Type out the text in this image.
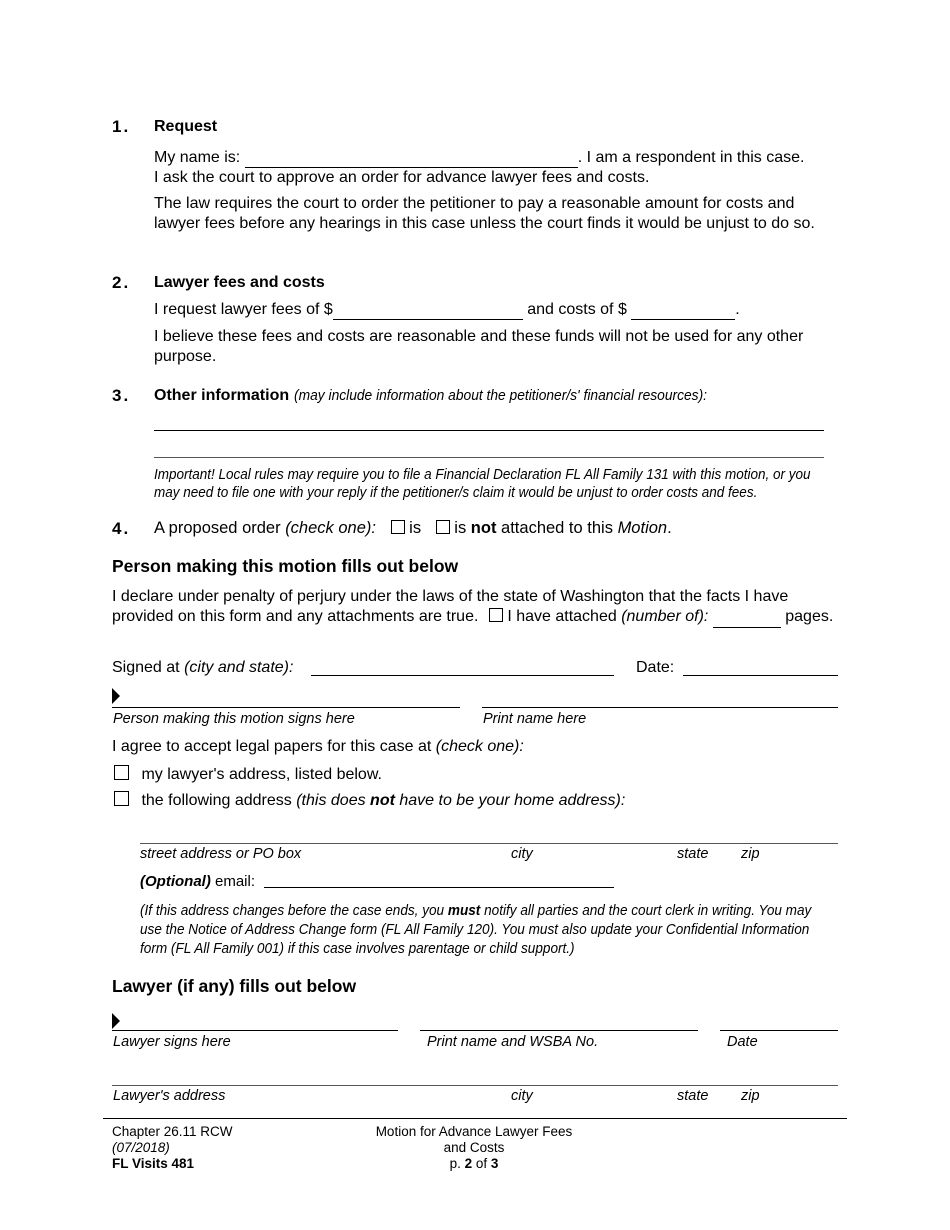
1. Request
My name is:	. I am a respondent in this case.
I ask the court to approve an order for advance lawyer fees and costs.
The law requires the court to order the petitioner to pay a reasonable amount for costs and lawyer fees before any hearings in this case unless the court finds it would be unjust to do so.
2. Lawyer fees and costs
I request lawyer fees of $	and costs of $	.
I believe these fees and costs are reasonable and these funds will not be used for any other purpose.
3. Other information (may include information about the petitioner/s' financial resources):
Important! Local rules may require you to file a Financial Declaration FL All Family 131 with this motion, or you may need to file one with your reply if the petitioner/s claim it would be unjust to order costs and fees.
4. A proposed order (check one): is is not attached to this Motion.
Person making this motion fills out below
I declare under penalty of perjury under the laws of the state of Washington that the facts I have provided on this form and any attachments are true. I have attached (number of):	pages.
Signed at (city and state):	Date:
Person making this motion signs here	Print name here
I agree to accept legal papers for this case at (check one):
my lawyer's address, listed below.
the following address (this does not have to be your home address):
street address or PO box	city	state zip
(Optional) email:
(If this address changes before the case ends, you must notify all parties and the court clerk in writing. You may use the Notice of Address Change form (FL All Family 120). You must also update your Confidential Information form (FL All Family 001) if this case involves parentage or child support.)
Lawyer (if any) fills out below
Lawyer signs here	Print name and WSBA No.	Date
Lawyer's address	city	state zip
Chapter 26.11 RCW
(07/2018)
FL Visits 481
Motion for Advance Lawyer Fees
and Costs
p. 2 of 3
